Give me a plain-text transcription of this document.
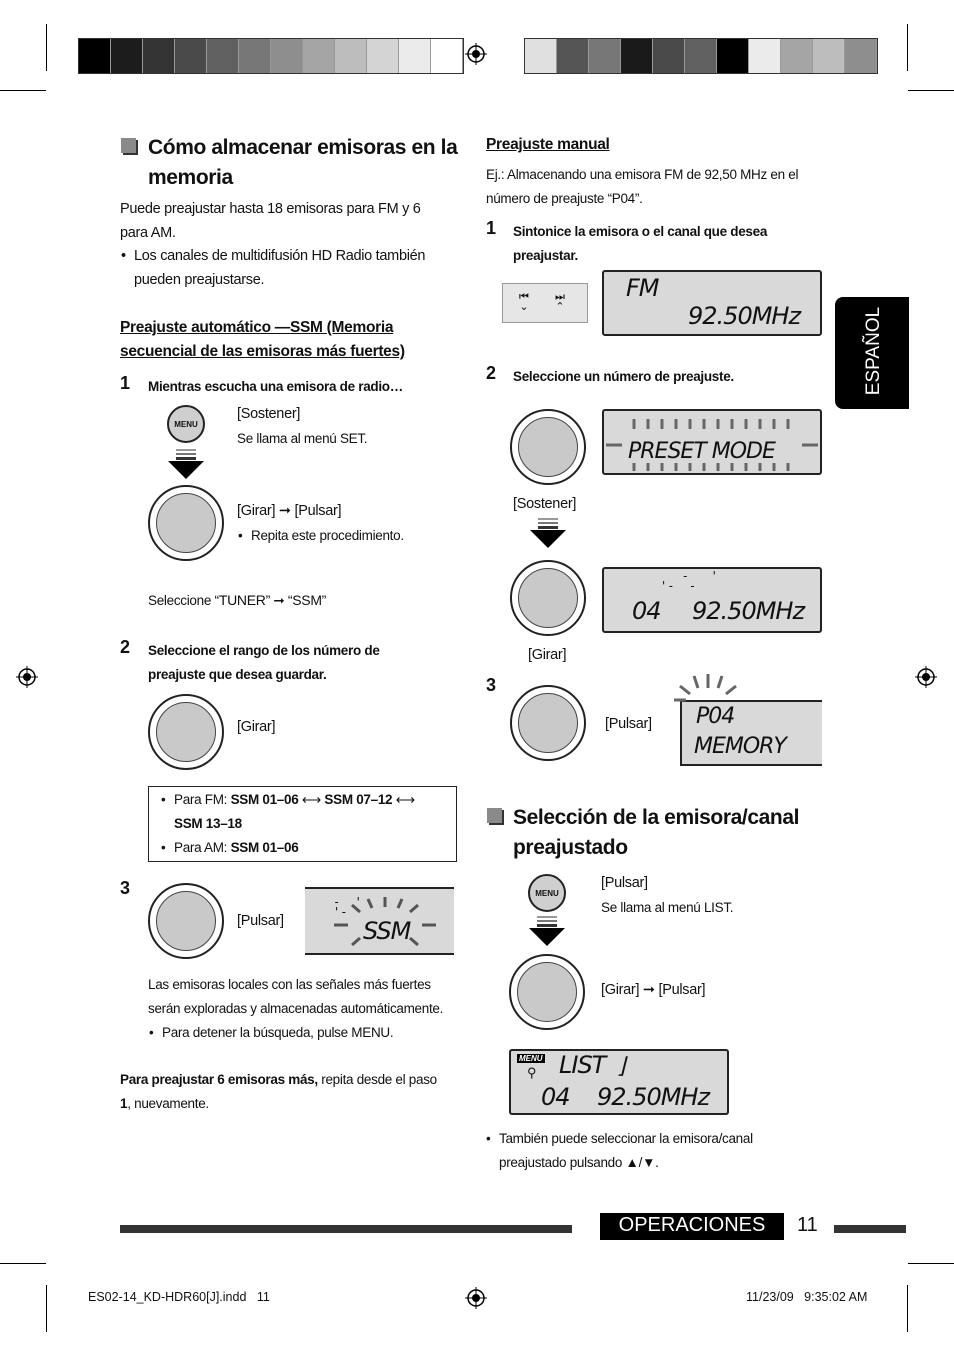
ESPAÑOL
Cómo almacenar emisoras en la memoria
Puede preajustar hasta 18 emisoras para FM y 6 para AM.
• Los canales de multidifusión HD Radio también pueden preajustarse.
Preajuste automático —SSM (Memoria secuencial de las emisoras más fuertes)
1 Mientras escucha una emisora de radio…
MENU
[Sostener]
Se llama al menú SET.
[Girar] ➞ [Pulsar]
• Repita este procedimiento.
Seleccione “TUNER” ➞ “SSM”
2 Seleccione el rango de los número de preajuste que desea guardar.
[Girar]
Para FM: SSM 01–06 ⟷ SSM 07–12 ⟷
SSM 13–18
Para AM: SSM 01–06
3
[Pulsar]	SSM
-  '
'-
Las emisoras locales con las señales más fuertes serán exploradas y almacenadas automáticamente.
• Para detener la búsqueda, pulse MENU.
Para preajustar 6 emisoras más, repita desde el paso 1, nuevamente.
Preajuste manual
Ej.: Almacenando una emisora FM de 92,50 MHz en el número de preajuste “P04”.
1 Sintonice la emisora o el canal que desea preajustar.
⏮
⌄
⏭
⌃
FM
92.50MHz
2 Seleccione un número de preajuste.
PRESET MODE
[Sostener]
-   '
'-  -
04 92.50MHz
[Girar]
3
[Pulsar] P04
MEMORY
Selección de la emisora/canal preajustado
MENU
[Pulsar]
Se llama al menú LIST.
[Girar] ➞ [Pulsar]
MENU
⚲ LIST ⌋
04 92.50MHz
• También puede seleccionar la emisora/canal preajustado pulsando ▲/▼.
OPERACIONES	11
ES02-14_KD-HDR60[J].indd   11	11/23/09   9:35:02 AM
